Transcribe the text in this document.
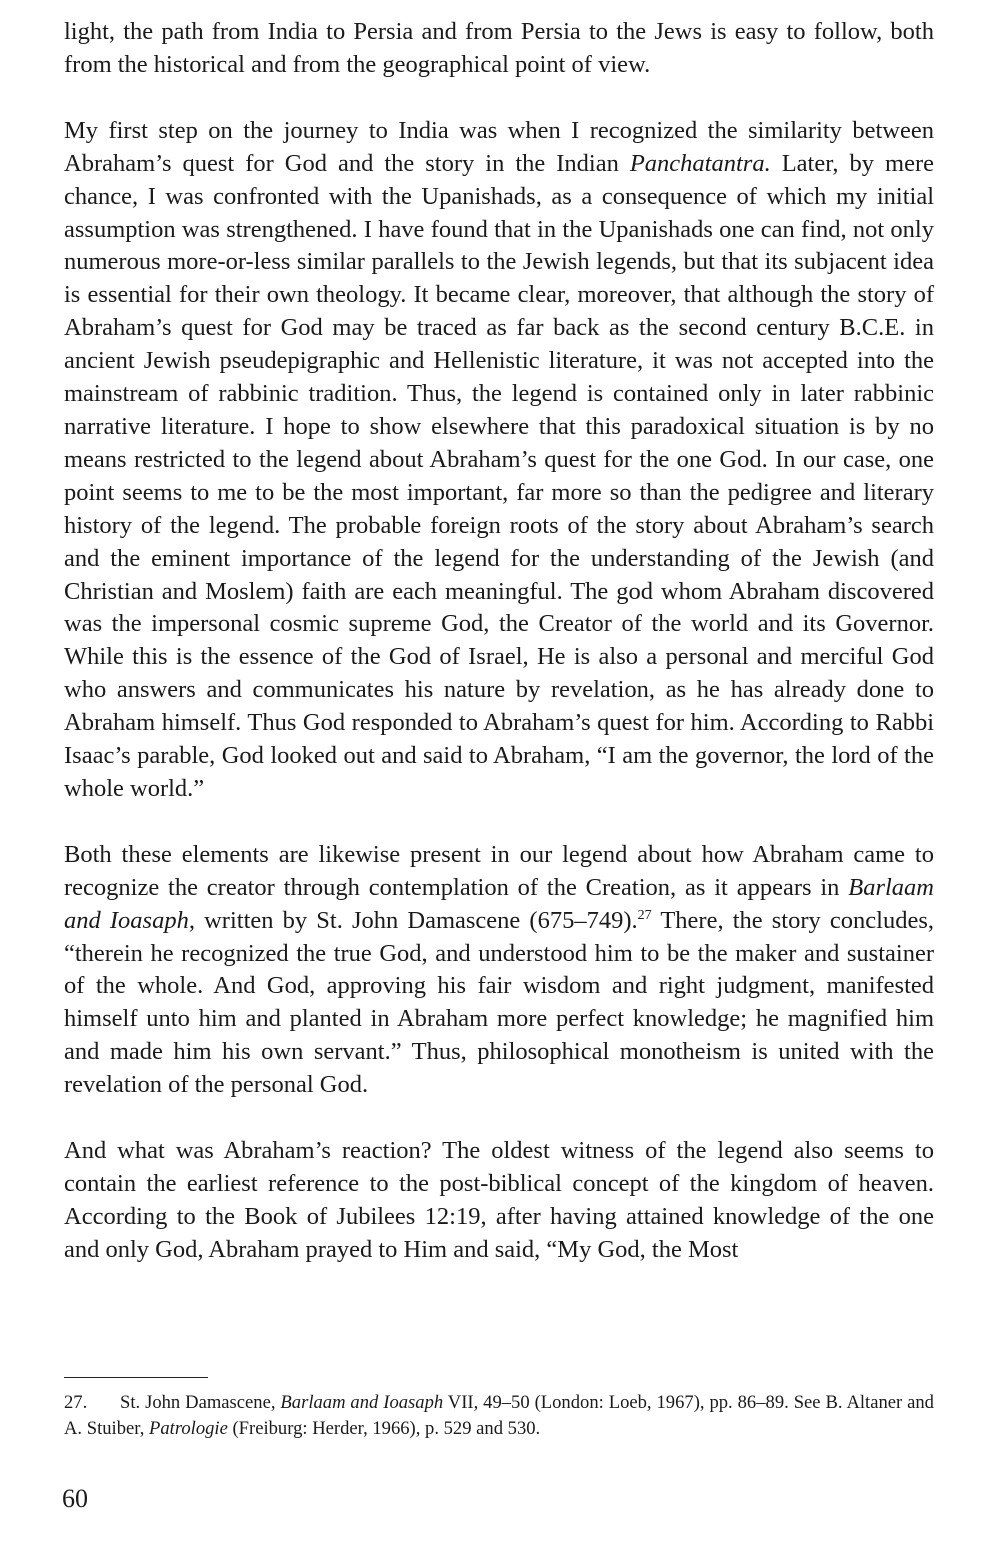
light, the path from India to Persia and from Persia to the Jews is easy to follow, both from the historical and from the geographical point of view.

My first step on the journey to India was when I recognized the similarity between Abraham’s quest for God and the story in the Indian Panchatantra. Later, by mere chance, I was confronted with the Upanishads, as a consequence of which my initial assumption was strengthened. I have found that in the Upanishads one can find, not only numerous more-or-less similar parallels to the Jewish legends, but that its subjacent idea is essential for their own theology. It became clear, moreover, that although the story of Abraham’s quest for God may be traced as far back as the second century B.C.E. in ancient Jewish pseudepigraphic and Hellenistic literature, it was not accepted into the mainstream of rabbinic tradition. Thus, the legend is contained only in later rabbinic narrative literature. I hope to show elsewhere that this paradoxical situation is by no means restricted to the legend about Abraham’s quest for the one God. In our case, one point seems to me to be the most important, far more so than the pedigree and literary history of the legend. The probable foreign roots of the story about Abraham’s search and the eminent importance of the legend for the understanding of the Jewish (and Christian and Moslem) faith are each meaningful. The god whom Abraham discovered was the impersonal cosmic supreme God, the Creator of the world and its Governor. While this is the essence of the God of Israel, He is also a personal and merciful God who answers and communicates his nature by revelation, as he has already done to Abraham himself. Thus God responded to Abraham’s quest for him. According to Rabbi Isaac’s parable, God looked out and said to Abraham, “I am the governor, the lord of the whole world.”

Both these elements are likewise present in our legend about how Abraham came to recognize the creator through contemplation of the Creation, as it appears in Barlaam and Ioasaph, written by St. John Damascene (675–749).$^{27}$ There, the story concludes, “therein he recognized the true God, and understood him to be the maker and sustainer of the whole. And God, approving his fair wisdom and right judgment, manifested himself unto him and planted in Abraham more perfect knowledge; he magnified him and made him his own servant.” Thus, philosophical monotheism is united with the revelation of the personal God.

And what was Abraham’s reaction? The oldest witness of the legend also seems to contain the earliest reference to the post-biblical concept of the kingdom of heaven. According to the Book of Jubilees 12:19, after having attained knowledge of the one and only God, Abraham prayed to Him and said, “My God, the Most

27. St. John Damascene, Barlaam and Ioasaph VII, 49–50 (London: Loeb, 1967), pp. 86–89. See B. Altaner and A. Stuiber, Patrologie (Freiburg: Herder, 1966), p. 529 and 530.
60
